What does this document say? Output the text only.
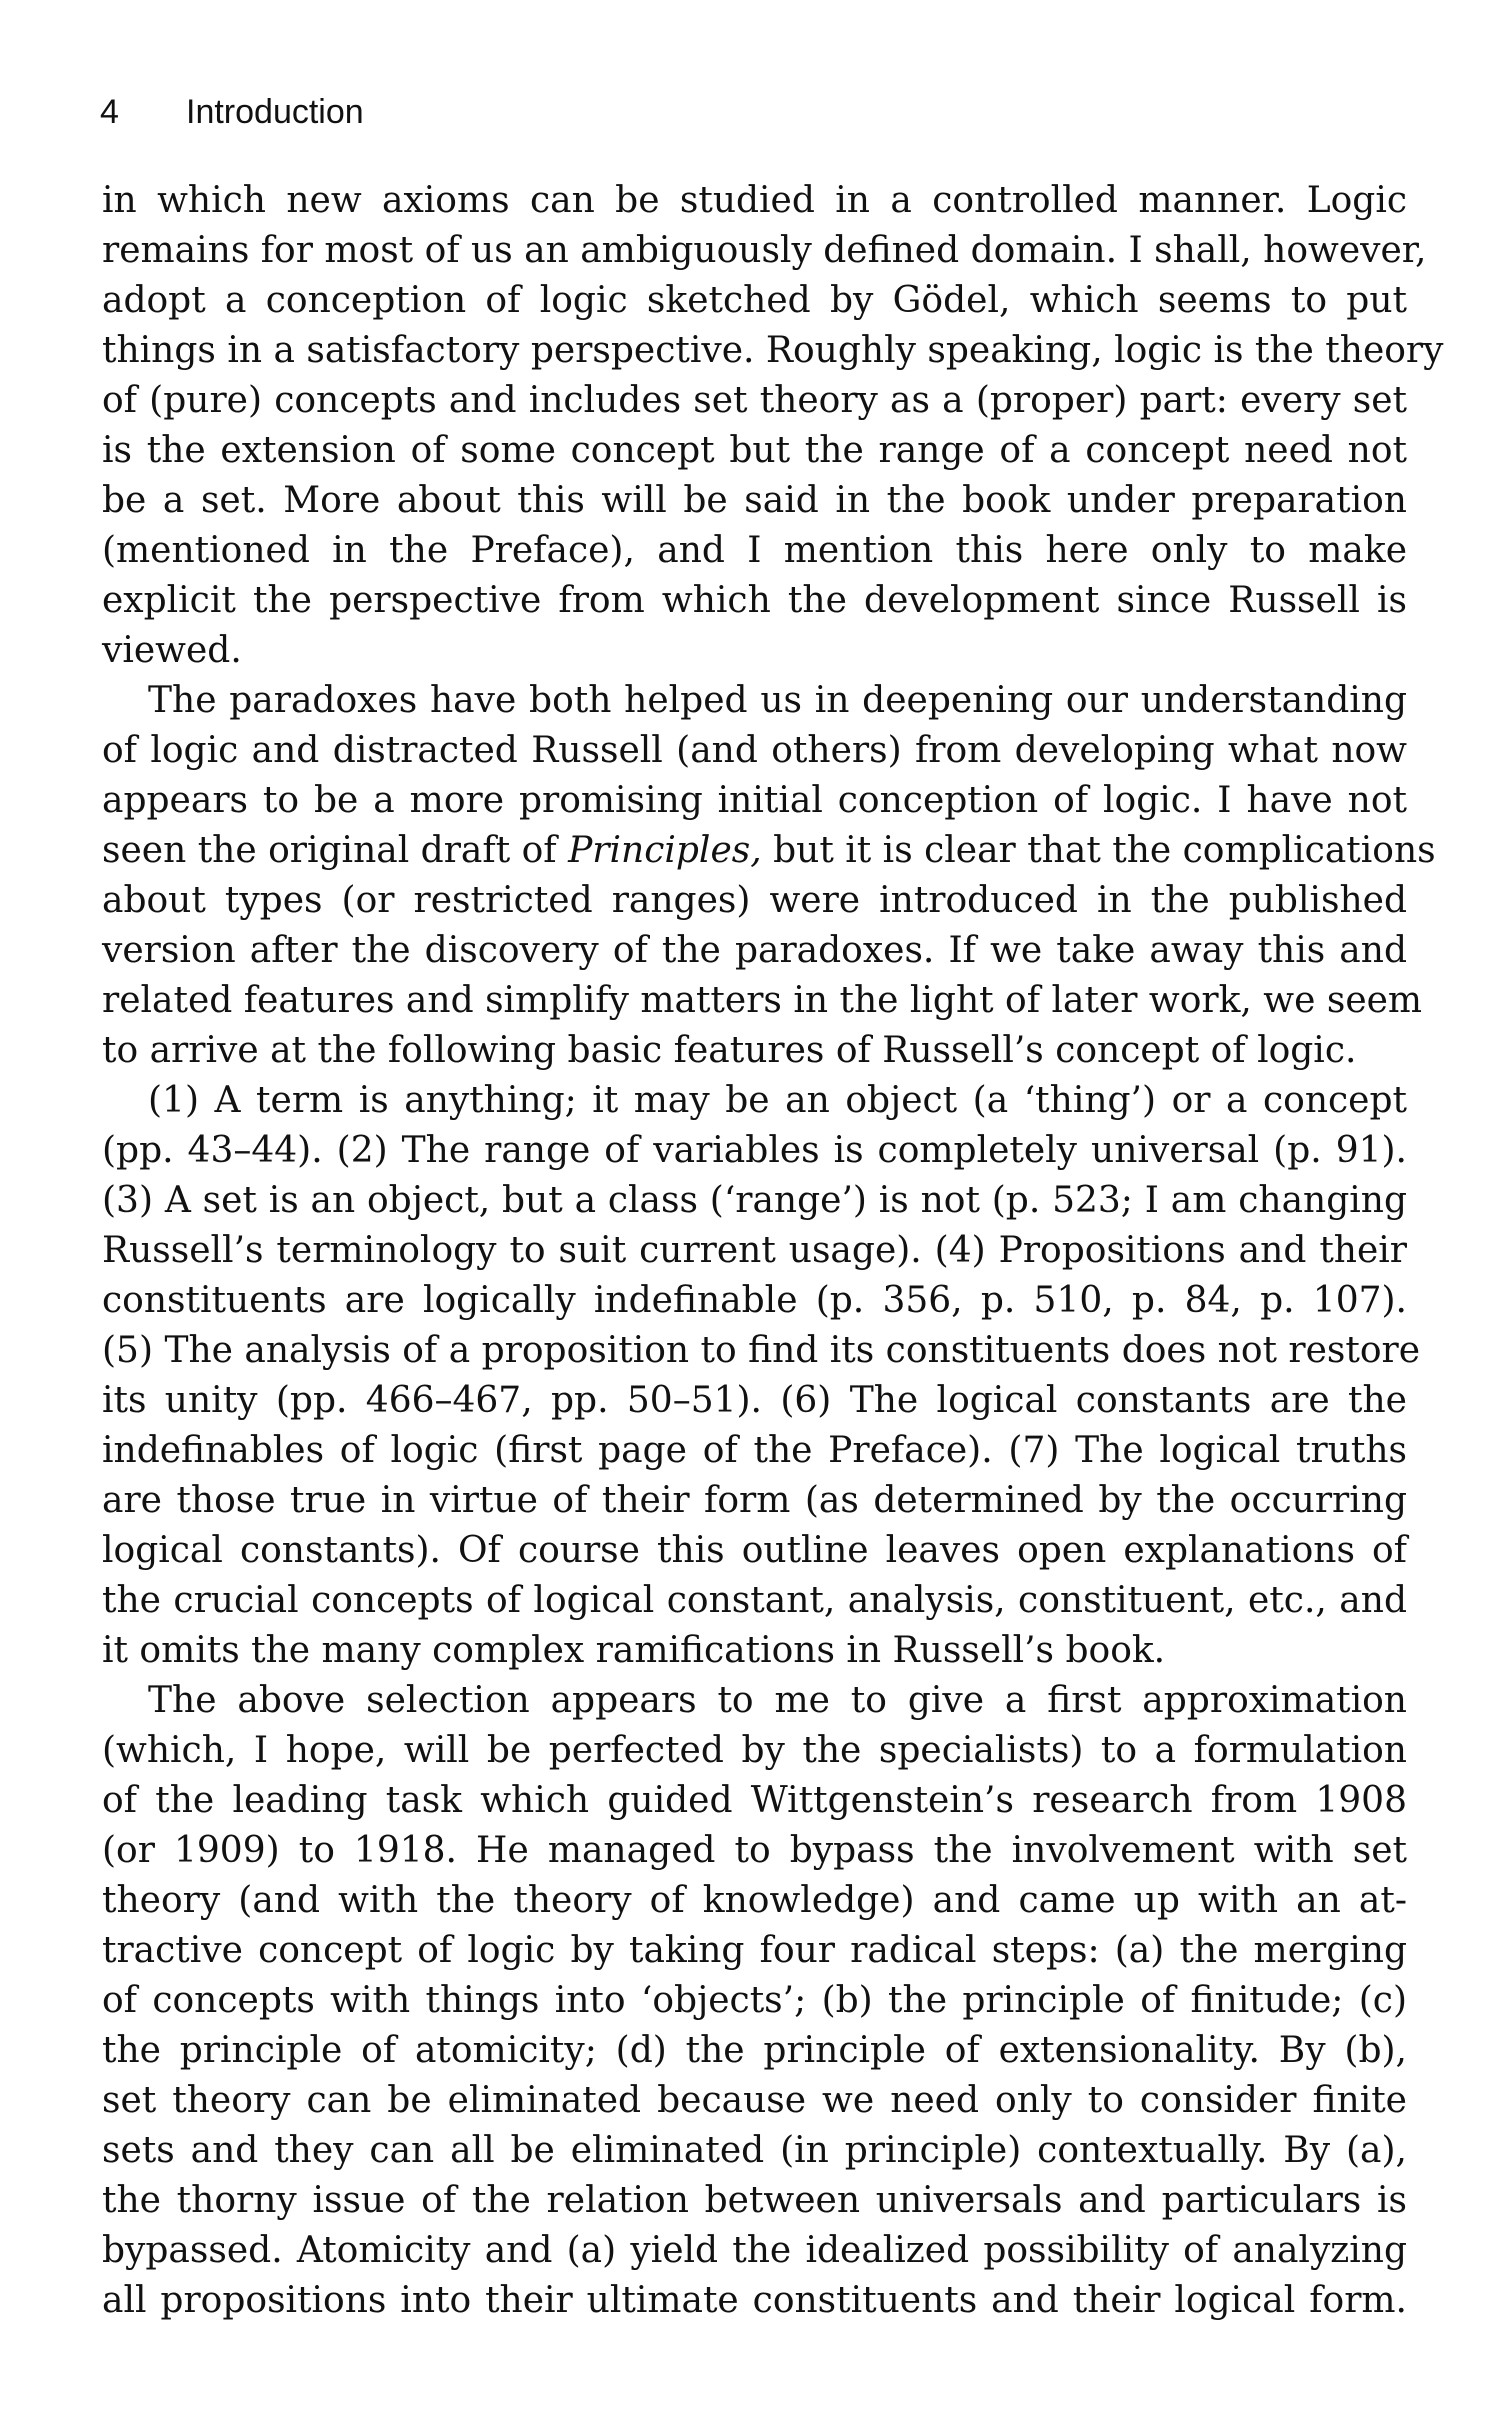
4 Introduction
in which new axioms can be studied in a controlled manner. Logic
remains for most of us an ambiguously defined domain. I shall, however,
adopt a conception of logic sketched by Gödel, which seems to put
things in a satisfactory perspective. Roughly speaking, logic is the theory
of (pure) concepts and includes set theory as a (proper) part: every set
is the extension of some concept but the range of a concept need not
be a set. More about this will be said in the book under preparation
(mentioned in the Preface), and I mention this here only to make
explicit the perspective from which the development since Russell is
viewed.
The paradoxes have both helped us in deepening our understanding
of logic and distracted Russell (and others) from developing what now
appears to be a more promising initial conception of logic. I have not
seen the original draft of Principles, but it is clear that the complications
about types (or restricted ranges) were introduced in the published
version after the discovery of the paradoxes. If we take away this and
related features and simplify matters in the light of later work, we seem
to arrive at the following basic features of Russell’s concept of logic.
(1) A term is anything; it may be an object (a ‘thing’) or a concept
(pp. 43–44). (2) The range of variables is completely universal (p. 91).
(3) A set is an object, but a class (‘range’) is not (p. 523; I am changing
Russell’s terminology to suit current usage). (4) Propositions and their
constituents are logically indefinable (p. 356, p. 510, p. 84, p. 107).
(5) The analysis of a proposition to find its constituents does not restore
its unity (pp. 466–467, pp. 50–51). (6) The logical constants are the
indefinables of logic (first page of the Preface). (7) The logical truths
are those true in virtue of their form (as determined by the occurring
logical constants). Of course this outline leaves open explanations of
the crucial concepts of logical constant, analysis, constituent, etc., and
it omits the many complex ramifications in Russell’s book.
The above selection appears to me to give a first approximation
(which, I hope, will be perfected by the specialists) to a formulation
of the leading task which guided Wittgenstein’s research from 1908
(or 1909) to 1918. He managed to bypass the involvement with set
theory (and with the theory of knowledge) and came up with an at-
tractive concept of logic by taking four radical steps: (a) the merging
of concepts with things into ‘objects’; (b) the principle of finitude; (c)
the principle of atomicity; (d) the principle of extensionality. By (b),
set theory can be eliminated because we need only to consider finite
sets and they can all be eliminated (in principle) contextually. By (a),
the thorny issue of the relation between universals and particulars is
bypassed. Atomicity and (a) yield the idealized possibility of analyzing
all propositions into their ultimate constituents and their logical form.
